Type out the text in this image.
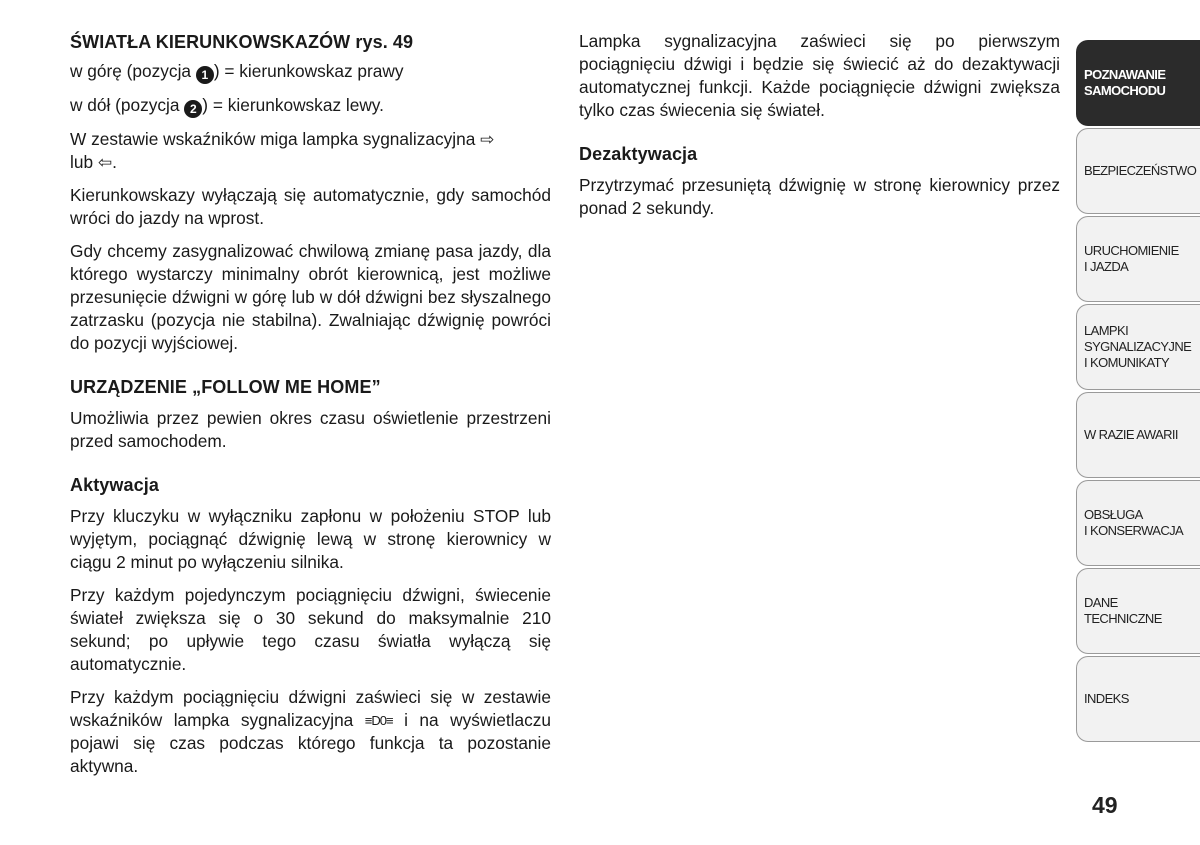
ŚWIATŁA KIERUNKOWSKAZÓW rys. 49

w górę (pozycja 1 ) = kierunkowskaz prawy

w dół (pozycja 2 ) = kierunkowskaz lewy.

W zestawie wskaźników miga lampka sygnalizacyjna ⇨
lub ⇦.

Kierunkowskazy wyłączają się automatycznie, gdy samochód wróci do jazdy na wprost.

Gdy chcemy zasygnalizować chwilową zmianę pasa jazdy, dla którego wystarczy minimalny obrót kierownicą, jest możliwe przesunięcie dźwigni w górę lub w dół dźwigni bez słyszalnego zatrzasku (pozycja nie stabilna). Zwalniając dźwignię powróci do pozycji wyjściowej.

URZĄDZENIE „FOLLOW ME HOME”

Umożliwia przez pewien okres czasu oświetlenie przestrzeni przed samochodem.

Aktywacja

Przy kluczyku w wyłączniku zapłonu w położeniu STOP lub wyjętym, pociągnąć dźwignię lewą w stronę kierownicy w ciągu 2 minut po wyłączeniu silnika.

Przy każdym pojedynczym pociągnięciu dźwigni, świecenie świateł zwiększa się o 30 sekund do maksymalnie 210 sekund; po upływie tego czasu światła wyłączą się automatycznie.

Przy każdym pociągnięciu dźwigni zaświeci się w zestawie wskaźników lampka sygnalizacyjna ≡D0≡ i na wyświetlaczu pojawi się czas podczas którego funkcja ta pozostanie aktywna.

Lampka sygnalizacyjna zaświeci się po pierwszym pociągnięciu dźwigi i będzie się świecić aż do dezaktywacji automatycznej funkcji. Każde pociągnięcie dźwigni zwiększa tylko czas świecenia się świateł.

Dezaktywacja

Przytrzymać przesuniętą dźwignię w stronę kierownicy przez ponad 2 sekundy.

POZNAWANIE
SAMOCHODU
BEZPIECZEŃSTWO
URUCHOMIENIE
I JAZDA
LAMPKI
SYGNALIZACYJNE
I KOMUNIKATY
W RAZIE AWARII
OBSŁUGA
I KONSERWACJA
DANE
TECHNICZNE
INDEKS
49
